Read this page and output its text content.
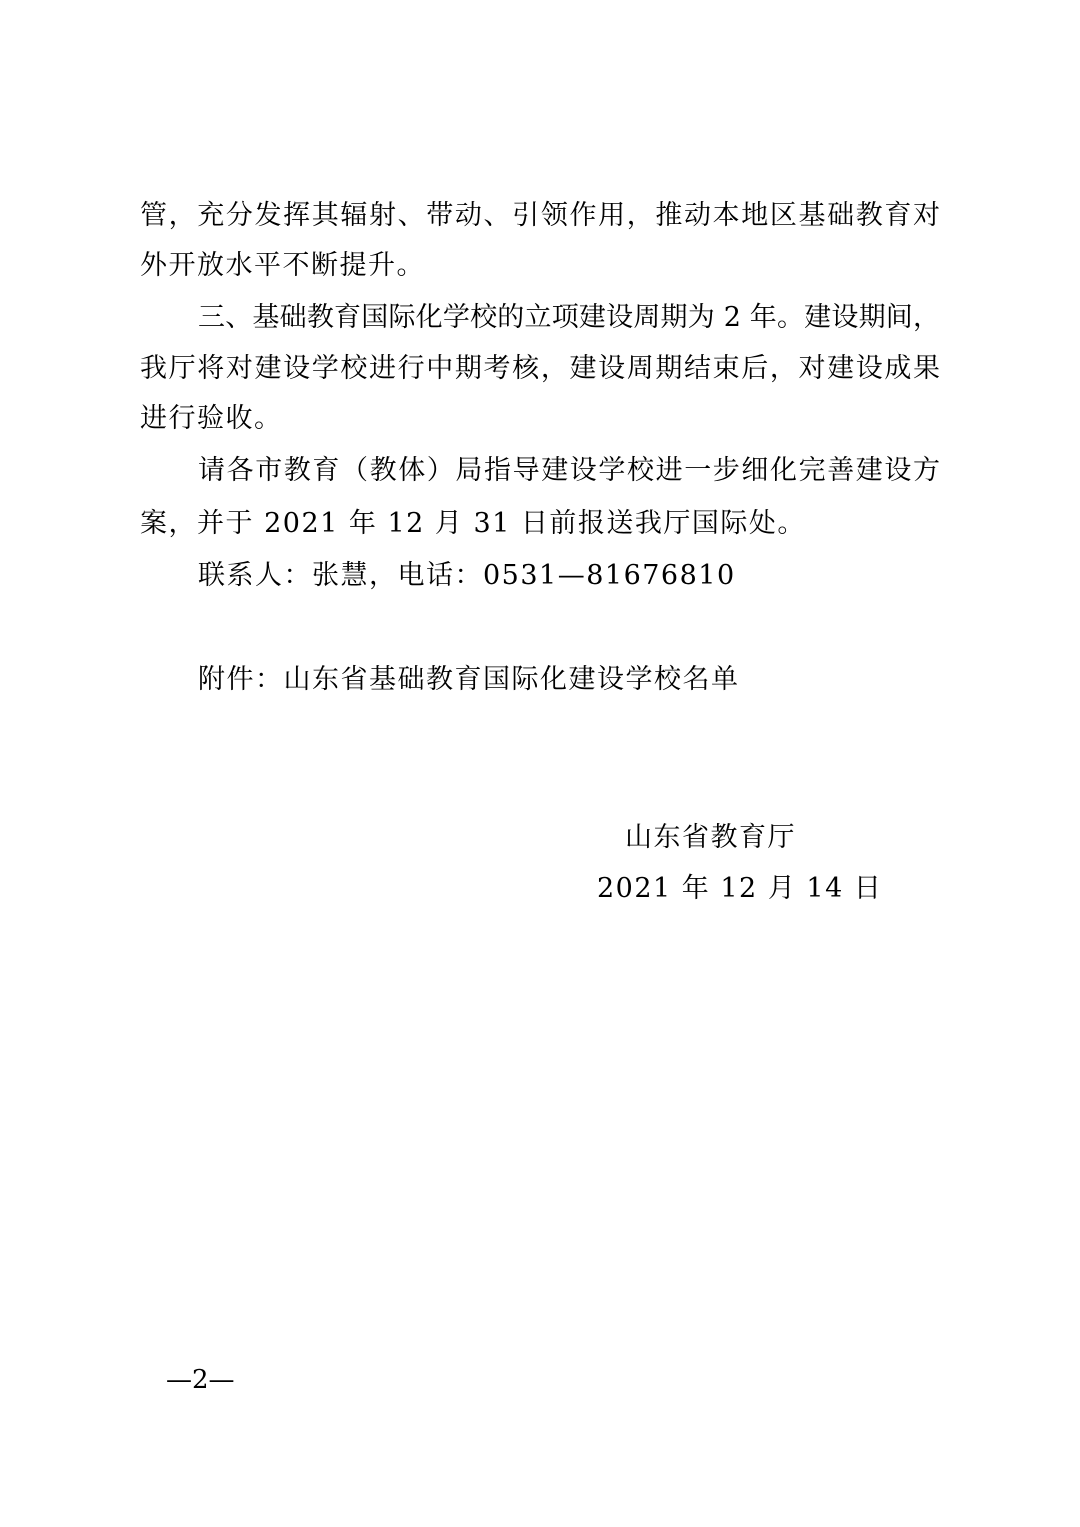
管，充分发挥其辐射、带动、引领作用，推动本地区基础教育对
外开放水平不断提升。
三、基础教育国际化学校的立项建设周期为 2 年。建设期间，
我厅将对建设学校进行中期考核，建设周期结束后，对建设成果
进行验收。
请各市教育（教体）局指导建设学校进一步细化完善建设方
案，并于 2021 年 12 月 31 日前报送我厅国际处。
联系人：张慧，电话：0531—81676810
附件：山东省基础教育国际化建设学校名单
山东省教育厅
2021 年 12 月 14 日
—2—
